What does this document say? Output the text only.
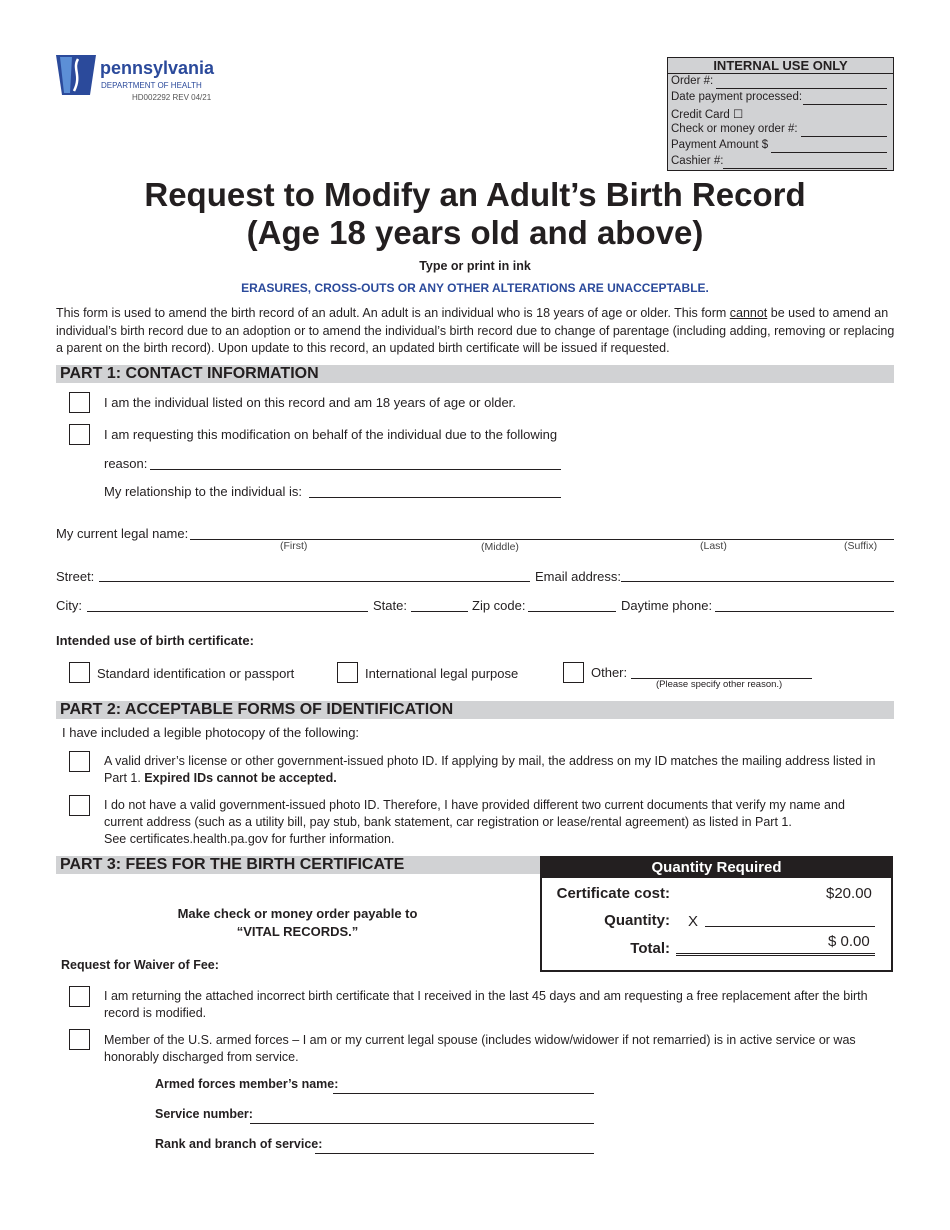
pennsylvania
DEPARTMENT OF HEALTH
HD002292 REV 04/21
INTERNAL USE ONLY
Order #:
Date payment processed:
Credit Card ☐
Check or money order #:
Payment Amount $
Cashier #:
Request to Modify an Adult’s Birth Record
(Age 18 years old and above)
Type or print in ink
ERASURES, CROSS-OUTS OR ANY OTHER ALTERATIONS ARE UNACCEPTABLE.
This form is used to amend the birth record of an adult. An adult is an individual who is 18 years of age or older. This form cannot be used to amend an individual’s birth record due to an adoption or to amend the individual’s birth record due to change of parentage (including adding, removing or replacing a parent on the birth record). Upon update to this record, an updated birth certificate will be issued if requested.
PART 1: CONTACT INFORMATION
I am the individual listed on this record and am 18 years of age or older.
I am requesting this modification on behalf of the individual due to the following
reason:
My relationship to the individual is:
My current legal name:
(First)	(Middle)	(Last)	(Suffix)
Street:	Email address:
City:	State:	Zip code:	Daytime phone:
Intended use of birth certificate:
Standard identification or passport	International legal purpose	Other:
(Please specify other reason.)
PART 2: ACCEPTABLE FORMS OF IDENTIFICATION
I have included a legible photocopy of the following:
A valid driver’s license or other government-issued photo ID. If applying by mail, the address on my ID matches the mailing address listed in Part 1. Expired IDs cannot be accepted.
I do not have a valid government-issued photo ID. Therefore, I have provided different two current documents that verify my name and
current address (such as a utility bill, pay stub, bank statement, car registration or lease/rental agreement) as listed in Part 1.
See certificates.health.pa.gov for further information.
PART 3: FEES FOR THE BIRTH CERTIFICATE
Make check or money order payable to
“VITAL RECORDS.”
Quantity Required
Certificate cost:	$20.00
Quantity: X
Total:	$ 0.00
Request for Waiver of Fee:
I am returning the attached incorrect birth certificate that I received in the last 45 days and am requesting a free replacement after the birth record is modified.
Member of the U.S. armed forces – I am or my current legal spouse (includes widow/widower if not remarried) is in active service or was honorably discharged from service.
Armed forces member’s name:
Service number:
Rank and branch of service:
